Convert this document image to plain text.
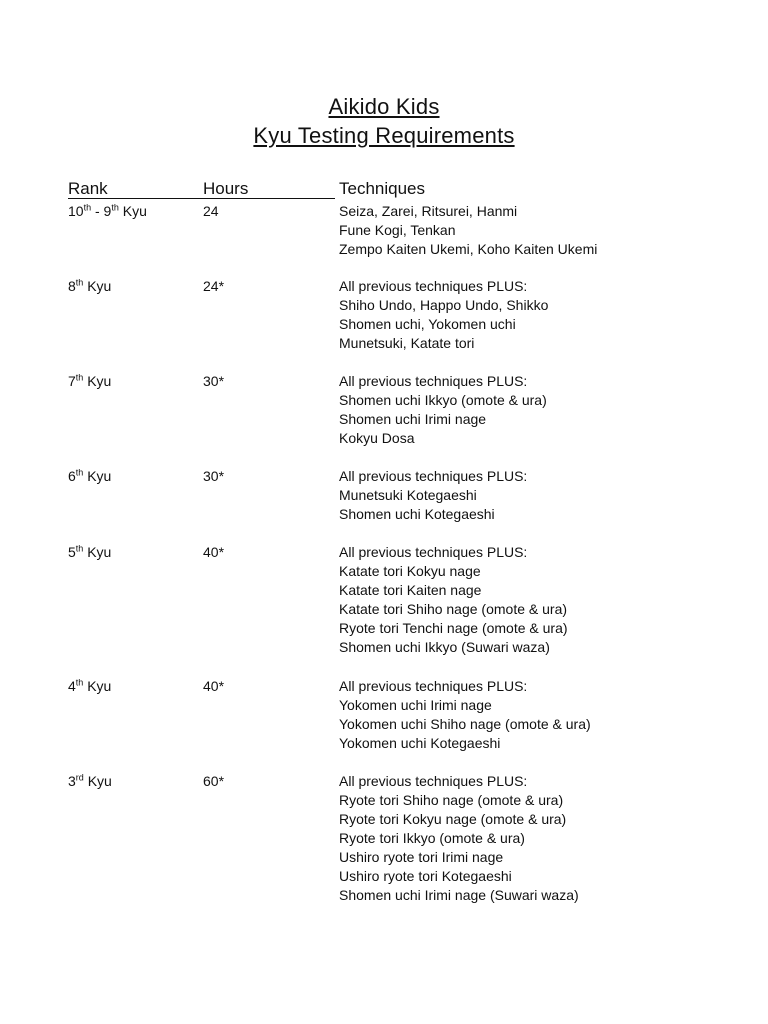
Aikido Kids
Kyu Testing Requirements
Rank	Hours	Techniques
10th - 9th Kyu	24	Seiza, Zarei, Ritsurei, Hanmi
Fune Kogi, Tenkan
Zempo Kaiten Ukemi, Koho Kaiten Ukemi
8th Kyu	24*	All previous techniques PLUS:
Shiho Undo, Happo Undo, Shikko
Shomen uchi, Yokomen uchi
Munetsuki, Katate tori
7th Kyu	30*	All previous techniques PLUS:
Shomen uchi Ikkyo (omote & ura)
Shomen uchi Irimi nage
Kokyu Dosa
6th Kyu	30*	All previous techniques PLUS:
Munetsuki Kotegaeshi
Shomen uchi Kotegaeshi
5th Kyu	40*	All previous techniques PLUS:
Katate tori Kokyu nage
Katate tori Kaiten nage
Katate tori Shiho nage (omote & ura)
Ryote tori Tenchi nage (omote & ura)
Shomen uchi Ikkyo (Suwari waza)
4th Kyu	40*	All previous techniques PLUS:
Yokomen uchi Irimi nage
Yokomen uchi Shiho nage (omote & ura)
Yokomen uchi Kotegaeshi
3rd Kyu	60*	All previous techniques PLUS:
Ryote tori Shiho nage (omote & ura)
Ryote tori Kokyu nage (omote & ura)
Ryote tori Ikkyo (omote & ura)
Ushiro ryote tori Irimi nage
Ushiro ryote tori Kotegaeshi
Shomen uchi Irimi nage (Suwari waza)
